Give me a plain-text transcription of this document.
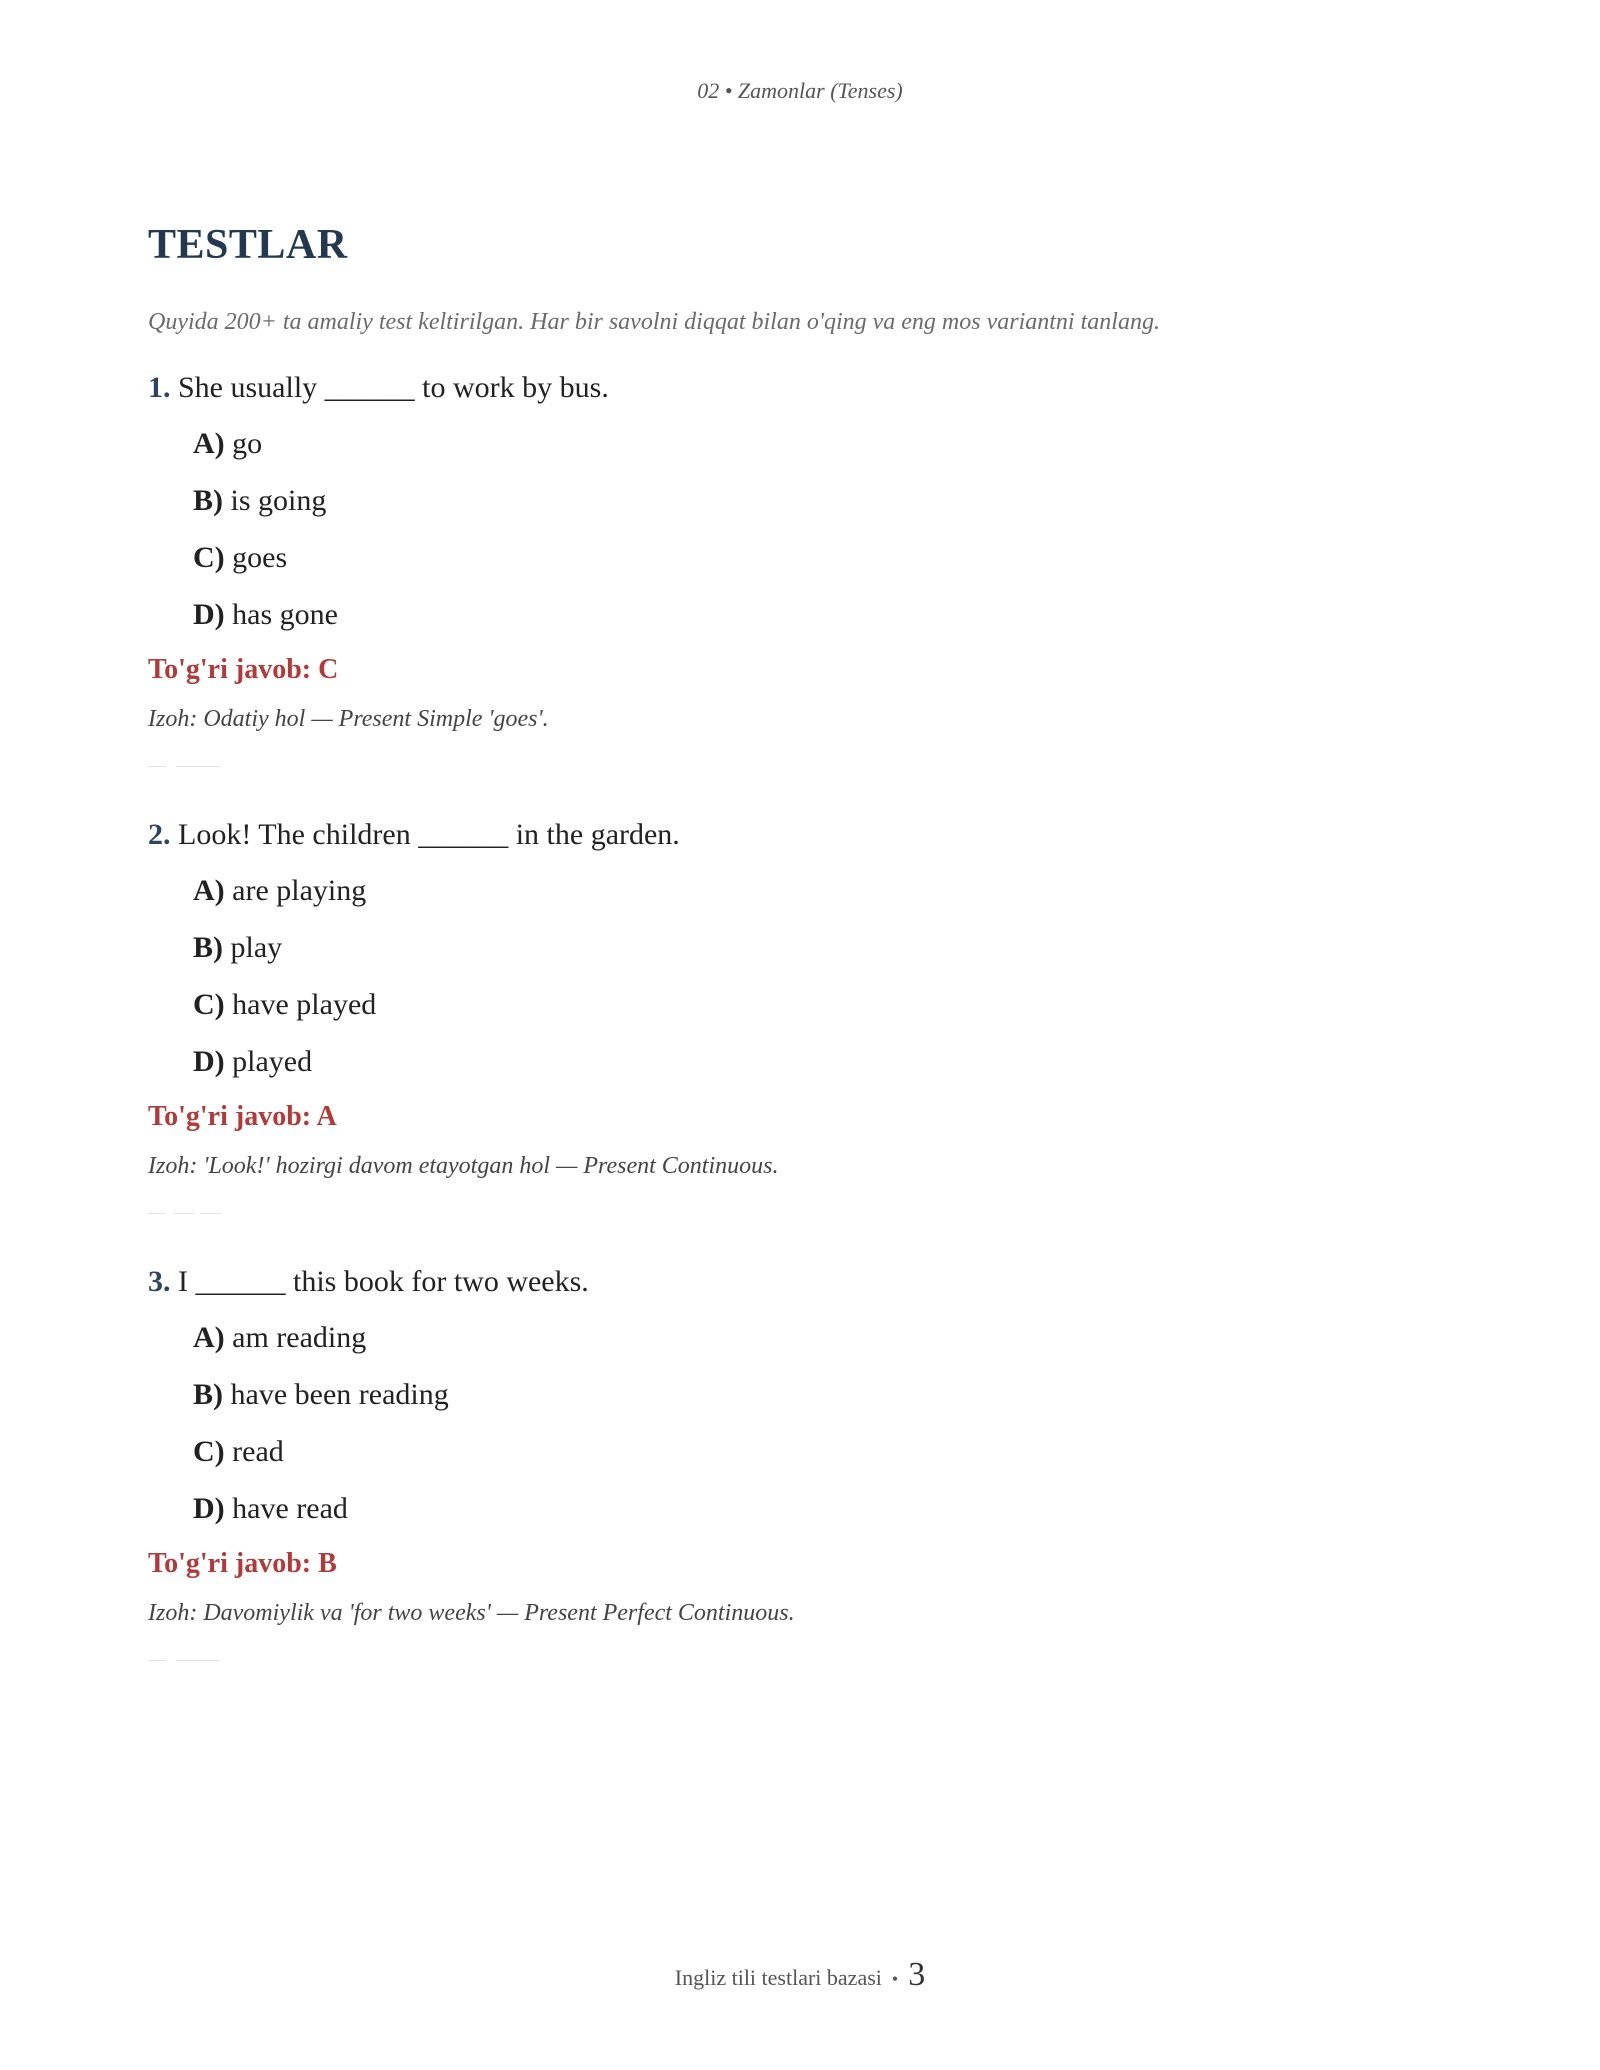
02 • Zamonlar (Tenses)
TESTLAR

Quyida 200+ ta amaliy test keltirilgan. Har bir savolni diqqat bilan o'qing va eng mos variantni tanlang.

1. She usually ______ to work by bus.

A) go
B) is going
C) goes
D) has gone
To'g'ri javob: C
Izoh: Odatiy hol — Present Simple 'goes'.

2. Look! The children ______ in the garden.

A) are playing
B) play
C) have played
D) played
To'g'ri javob: A
Izoh: 'Look!' hozirgi davom etayotgan hol — Present Continuous.

3. I ______ this book for two weeks.

A) am reading
B) have been reading
C) read
D) have read
To'g'ri javob: B
Izoh: Davomiylik va 'for two weeks' — Present Perfect Continuous.
Ingliz tili testlari bazasi • 3
